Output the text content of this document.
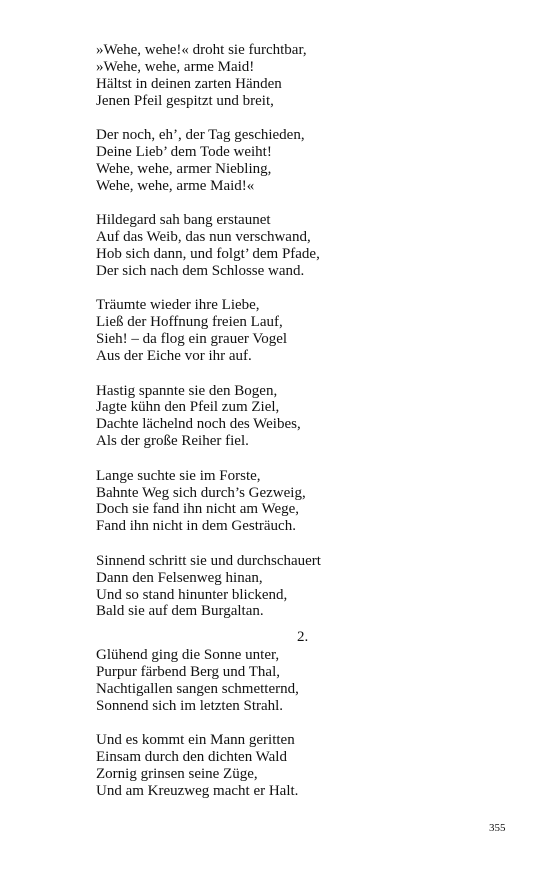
»Wehe, wehe!« droht sie furchtbar,
»Wehe, wehe, arme Maid!
Hältst in deinen zarten Händen
Jenen Pfeil gespitzt und breit,
Der noch, eh’, der Tag geschieden,
Deine Lieb’ dem Tode weiht!
Wehe, wehe, armer Niebling,
Wehe, wehe, arme Maid!«
Hildegard sah bang erstaunet
Auf das Weib, das nun verschwand,
Hob sich dann, und folgt’ dem Pfade,
Der sich nach dem Schlosse wand.
Träumte wieder ihre Liebe,
Ließ der Hoffnung freien Lauf,
Sieh! – da flog ein grauer Vogel
Aus der Eiche vor ihr auf.
Hastig spannte sie den Bogen,
Jagte kühn den Pfeil zum Ziel,
Dachte lächelnd noch des Weibes,
Als der große Reiher fiel.
Lange suchte sie im Forste,
Bahnte Weg sich durch’s Gezweig,
Doch sie fand ihn nicht am Wege,
Fand ihn nicht in dem Gesträuch.
Sinnend schritt sie und durchschauert
Dann den Felsenweg hinan,
Und so stand hinunter blickend,
Bald sie auf dem Burgaltan.
2.
Glühend ging die Sonne unter,
Purpur färbend Berg und Thal,
Nachtigallen sangen schmetternd,
Sonnend sich im letzten Strahl.
Und es kommt ein Mann geritten
Einsam durch den dichten Wald
Zornig grinsen seine Züge,
Und am Kreuzweg macht er Halt.
355
